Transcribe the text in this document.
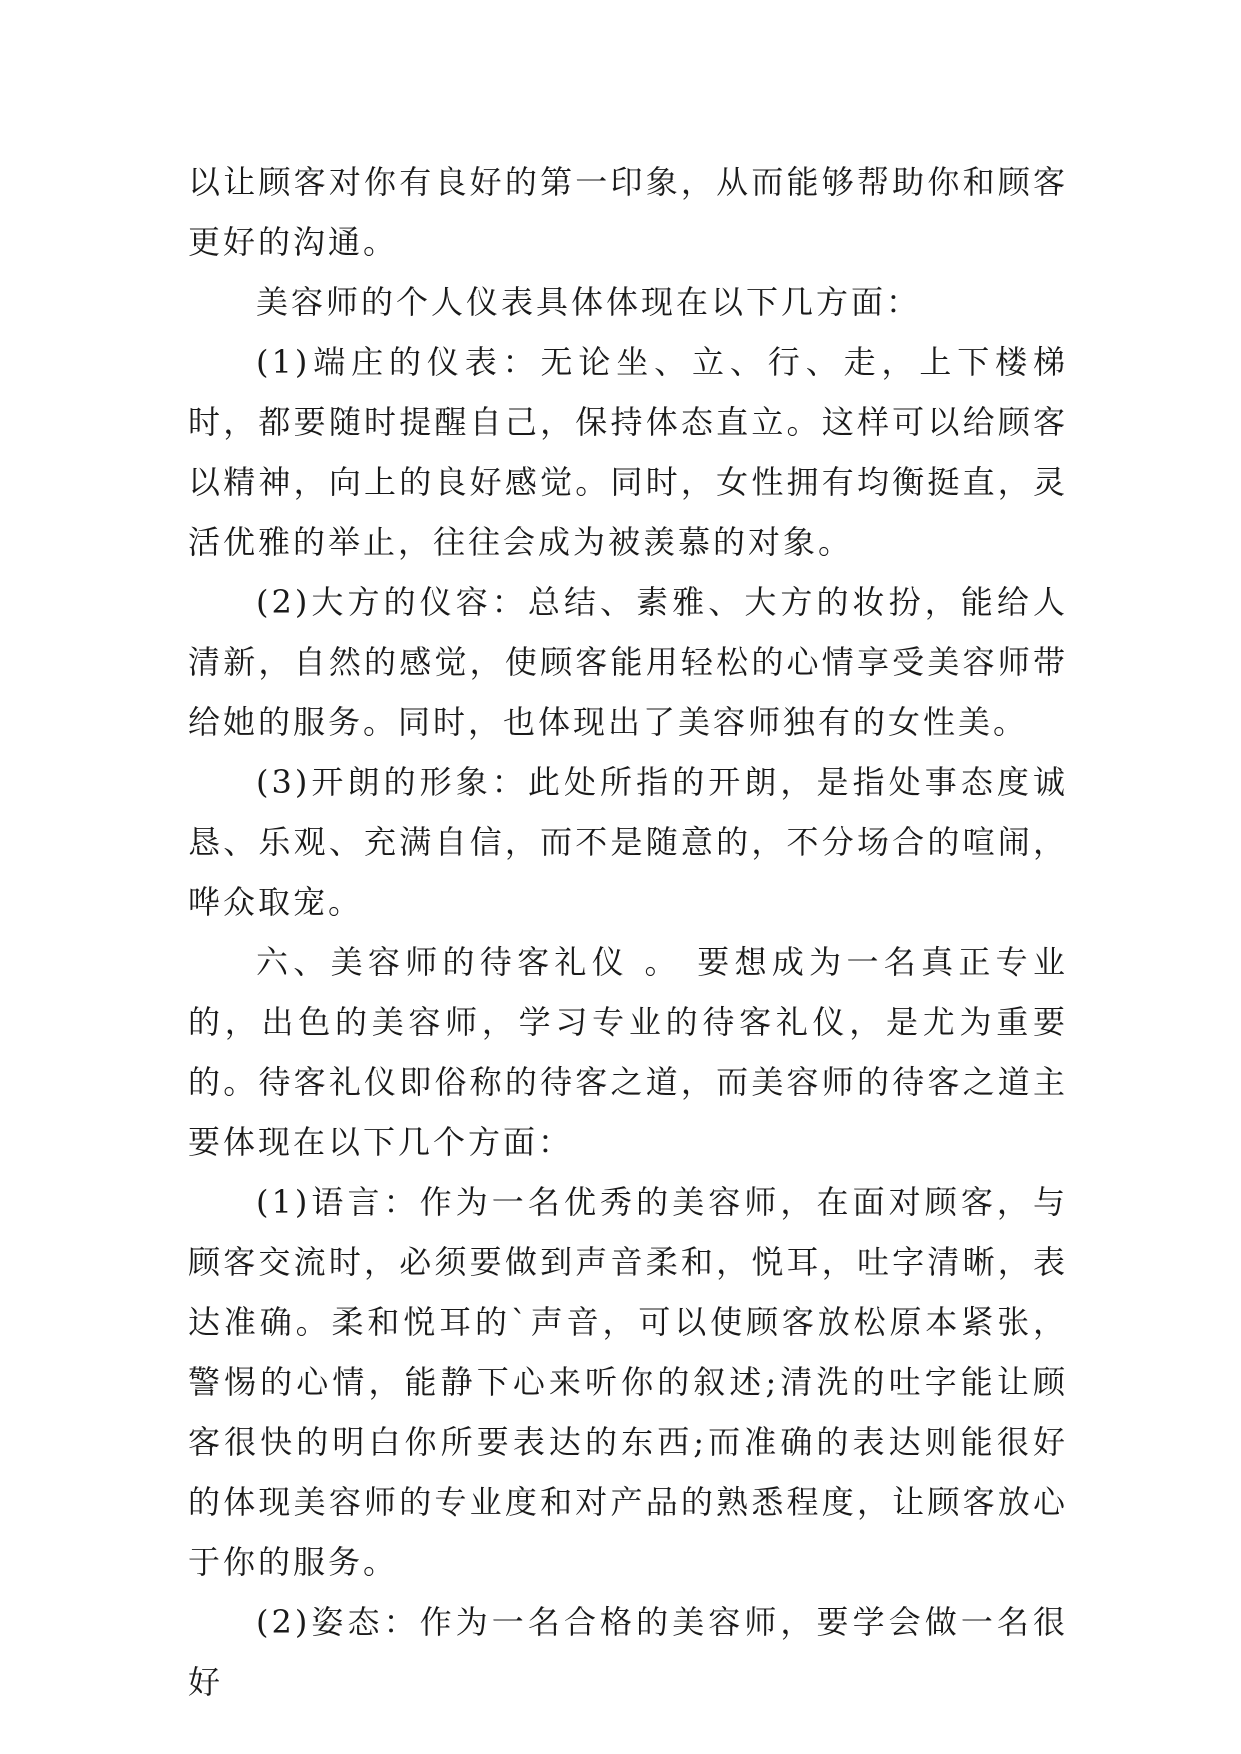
以让顾客对你有良好的第一印象，从而能够帮助你和顾客更好的沟通。

美容师的个人仪表具体体现在以下几方面：

(1)端庄的仪表：无论坐、立、行、走，上下楼梯时，都要随时提醒自己，保持体态直立。这样可以给顾客以精神，向上的良好感觉。同时，女性拥有均衡挺直，灵活优雅的举止，往往会成为被羡慕的对象。

(2)大方的仪容：总结、素雅、大方的妆扮，能给人清新，自然的感觉，使顾客能用轻松的心情享受美容师带给她的服务。同时，也体现出了美容师独有的女性美。

(3)开朗的形象：此处所指的开朗，是指处事态度诚恳、乐观、充满自信，而不是随意的，不分场合的喧闹，哗众取宠。

六、美容师的待客礼仪 。 要想成为一名真正专业的，出色的美容师，学习专业的待客礼仪，是尤为重要的。待客礼仪即俗称的待客之道，而美容师的待客之道主要体现在以下几个方面：

(1)语言：作为一名优秀的美容师，在面对顾客，与顾客交流时，必须要做到声音柔和，悦耳，吐字清晰，表达准确。柔和悦耳的`声音，可以使顾客放松原本紧张，警惕的心情，能静下心来听你的叙述;清洗的吐字能让顾客很快的明白你所要表达的东西;而准确的表达则能很好的体现美容师的专业度和对产品的熟悉程度，让顾客放心于你的服务。

(2)姿态：作为一名合格的美容师，要学会做一名很好
